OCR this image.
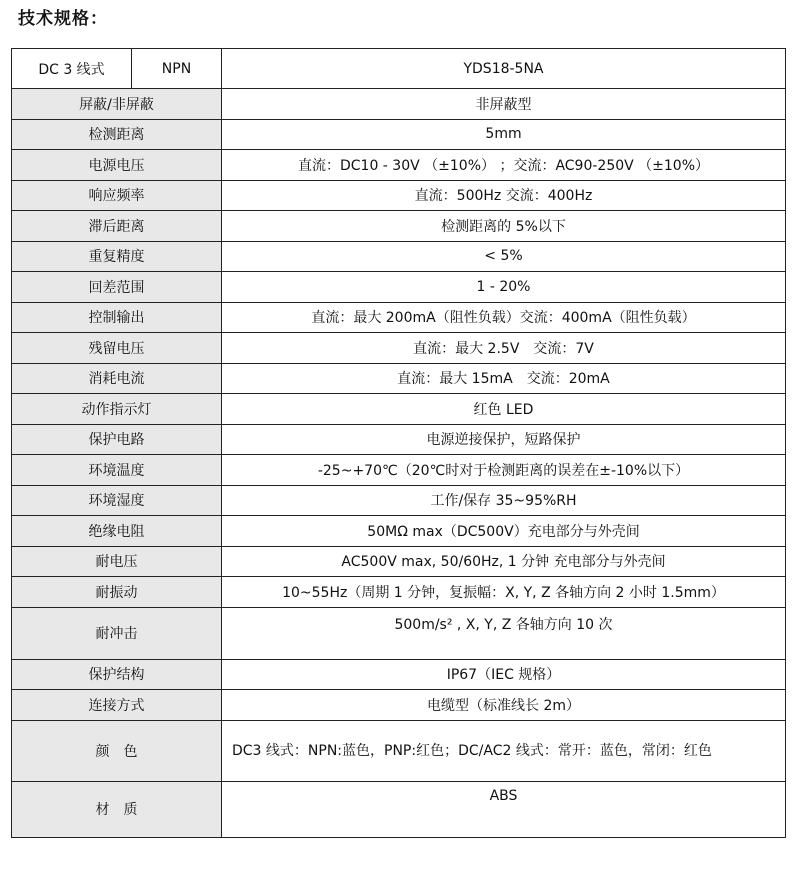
技术规格：
DC 3 线式	NPN	YDS18-5NA
屏蔽/非屏蔽		非屏蔽型
检测距离		5mm
电源电压		直流：DC10 - 30V （±10%） ；交流：AC90-250V （±10%）
响应频率		直流：500Hz 交流：400Hz
滞后距离		检测距离的 5%以下
重复精度		< 5%
回差范围		1 - 20%
控制输出		直流：最大 200mA（阻性负载）交流：400mA（阻性负载）
残留电压		直流：最大 2.5V　交流：7V
消耗电流		直流：最大 15mA　交流：20mA
动作指示灯		红色 LED
保护电路		电源逆接保护，短路保护
环境温度		-25~+70℃（20℃时对于检测距离的误差在±-10%以下）
环境湿度		工作/保存 35~95%RH
绝缘电阻		50MΩ max（DC500V）充电部分与外壳间
耐电压		AC500V max, 50/60Hz, 1 分钟 充电部分与外壳间
耐振动		10~55Hz（周期 1 分钟，复振幅：X, Y, Z 各轴方向 2 小时 1.5mm）
耐冲击		500m/s² , X, Y, Z 各轴方向 10 次
保护结构		IP67（IEC 规格）
连接方式		电缆型（标准线长 2m）
颜　色		DC3 线式：NPN:蓝色，PNP:红色；DC/AC2 线式：常开：蓝色，常闭：红色
材　质		ABS
